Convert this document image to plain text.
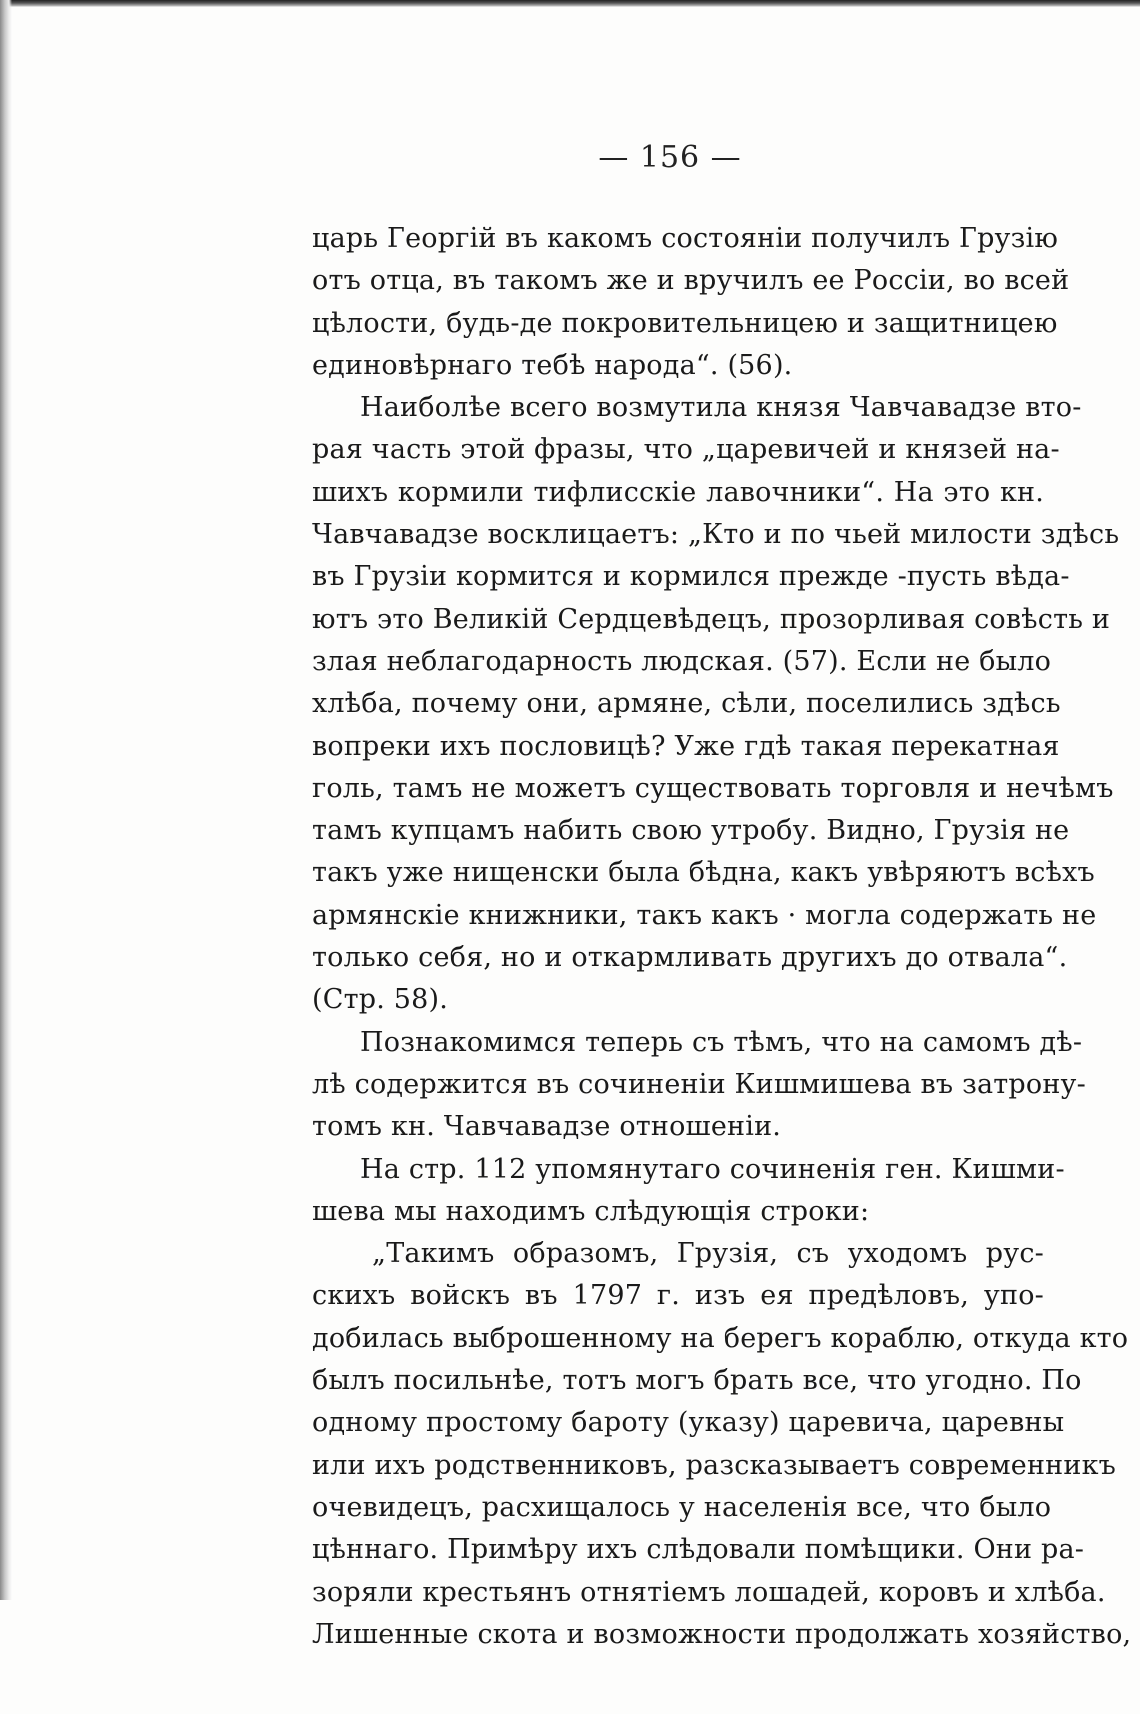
— 156 —
царь Георгій въ какомъ состояніи получилъ Грузію
отъ отца, въ такомъ же и вручилъ ее Россіи, во всей
цѣлости, будь-де покровительницею и защитницею
единовѣрнаго тебѣ народа“. (56).
Наиболѣе всего возмутила князя Чавчавадзе вто-
рая часть этой фразы, что „царевичей и князей на-
шихъ кормили тифлисскіе лавочники“. На это кн.
Чавчавадзе восклицаетъ: „Кто и по чьей милости здѣсь
въ Грузіи кормится и кормился прежде -пусть вѣда-
ютъ это Великій Сердцевѣдецъ, прозорливая совѣсть и
злая неблагодарность людская. (57). Если не было
хлѣба, почему они, армяне, сѣли, поселились здѣсь
вопреки ихъ пословицѣ? Уже гдѣ такая перекатная
голь, тамъ не можетъ существовать торговля и нечѣмъ
тамъ купцамъ набить свою утробу. Видно, Грузія не
такъ уже нищенски была бѣдна, какъ увѣряютъ всѣхъ
армянскіе книжники, такъ какъ · могла содержать не
только себя, но и откармливать другихъ до отвала“.
(Стр. 58).
Познакомимся теперь съ тѣмъ, что на самомъ дѣ-
лѣ содержится въ сочиненіи Кишмишева въ затрону-
томъ кн. Чавчавадзе отношеніи.
На стр. 112 упомянутаго сочиненія ген. Кишми-
шева мы находимъ слѣдующія строки:
„Такимъ образомъ, Грузія, съ уходомъ рус-
скихъ войскъ въ 1797 г. изъ ея предѣловъ, упо-
добилась выброшенному на берегъ кораблю, откуда кто
былъ посильнѣе, тотъ могъ брать все, что угодно. По
одному простому бароту (указу) царевича, царевны
или ихъ родственниковъ, разсказываетъ современникъ
очевидецъ, расхищалось у населенія все, что было
цѣннаго. Примѣру ихъ слѣдовали помѣщики. Они ра-
зоряли крестьянъ отнятіемъ лошадей, коровъ и хлѣба.
Лишенные скота и возможности продолжать хозяйство,
